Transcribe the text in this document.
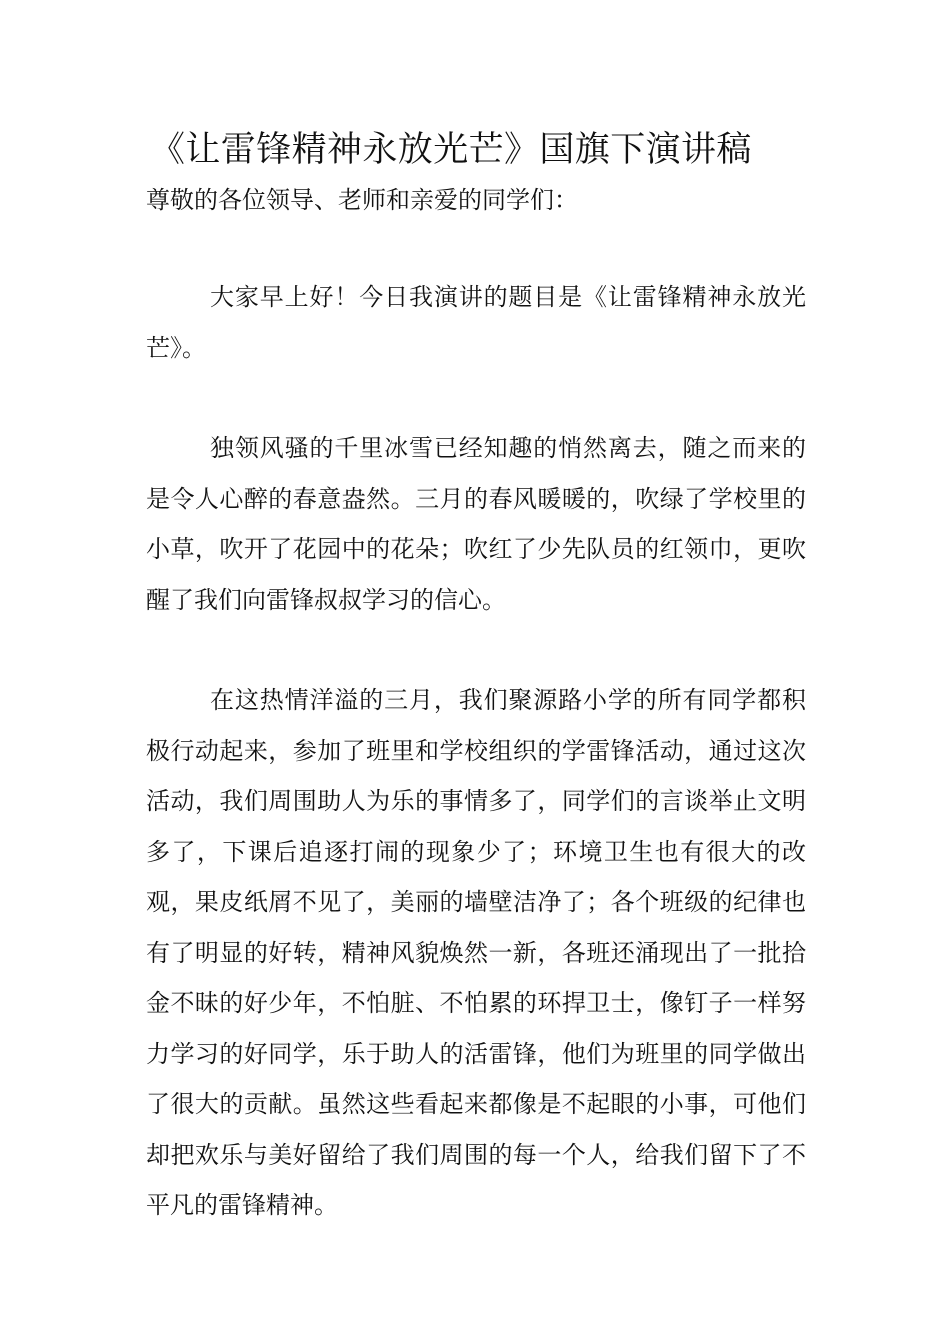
《让雷锋精神永放光芒》国旗下演讲稿

尊敬的各位领导、老师和亲爱的同学们：

大家早上好！今日我演讲的题目是《让雷锋精神永放光芒》。

独领风骚的千里冰雪已经知趣的悄然离去，随之而来的是令人心醉的春意盎然。三月的春风暖暖的，吹绿了学校里的小草，吹开了花园中的花朵；吹红了少先队员的红领巾，更吹醒了我们向雷锋叔叔学习的信心。

在这热情洋溢的三月，我们聚源路小学的所有同学都积极行动起来，参加了班里和学校组织的学雷锋活动，通过这次活动，我们周围助人为乐的事情多了，同学们的言谈举止文明多了，下课后追逐打闹的现象少了；环境卫生也有很大的改观，果皮纸屑不见了，美丽的墙壁洁净了；各个班级的纪律也有了明显的好转，精神风貌焕然一新，各班还涌现出了一批拾金不昧的好少年，不怕脏、不怕累的环捍卫士，像钉子一样努力学习的好同学，乐于助人的活雷锋，他们为班里的同学做出了很大的贡献。虽然这些看起来都像是不起眼的小事，可他们却把欢乐与美好留给了我们周围的每一个人，给我们留下了不平凡的雷锋精神。
